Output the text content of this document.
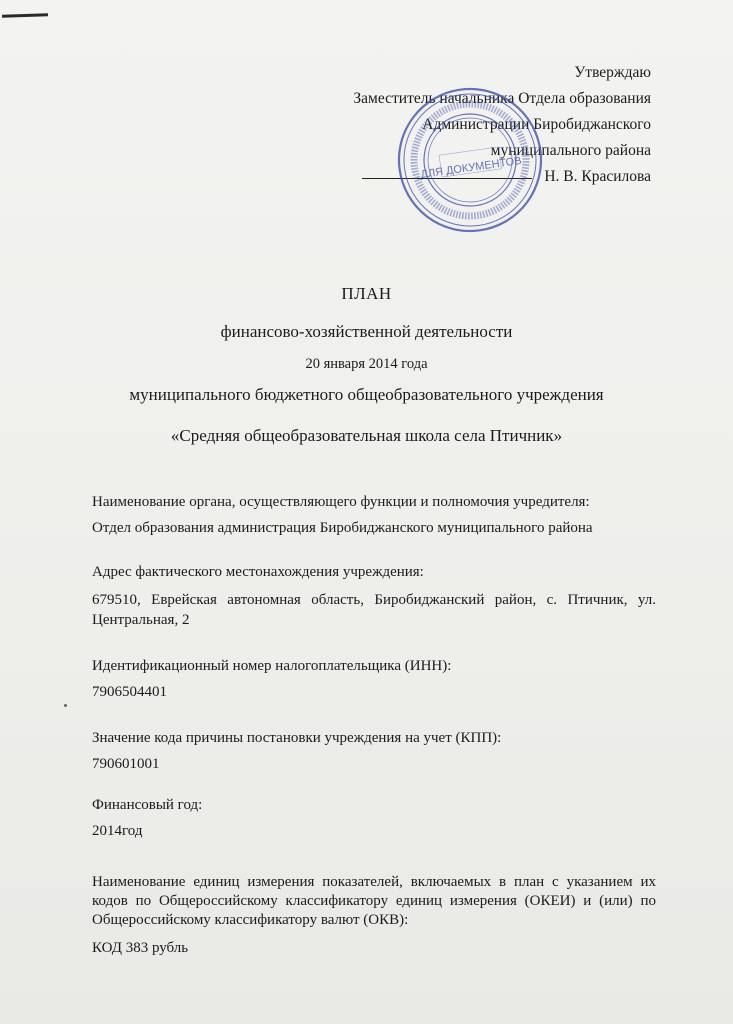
Утверждаю
Заместитель начальника Отдела образования
Администрации Биробиджанского
муниципального района
Н. В. Красилова
ДЛЯ ДОКУМЕНТОВ
ПЛАН
финансово-хозяйственной деятельности
20 января 2014 года
муниципального бюджетного общеобразовательного учреждения
«Средняя общеобразовательная школа села Птичник»
Наименование органа, осуществляющего функции и полномочия учредителя:
Отдел образования администрация Биробиджанского муниципального района
Адрес фактического местонахождения учреждения:
679510, Еврейская автономная область, Биробиджанский район, с. Птичник, ул. Центральная, 2
Идентификационный номер налогоплательщика (ИНН):
7906504401
Значение кода причины постановки учреждения на учет (КПП):
790601001
Финансовый год:
2014год
Наименование единиц измерения показателей, включаемых в план с указанием их кодов по Общероссийскому классификатору единиц измерения (ОКЕИ) и (или) по Общероссийскому классификатору валют (ОКВ):
КОД 383 рубль
